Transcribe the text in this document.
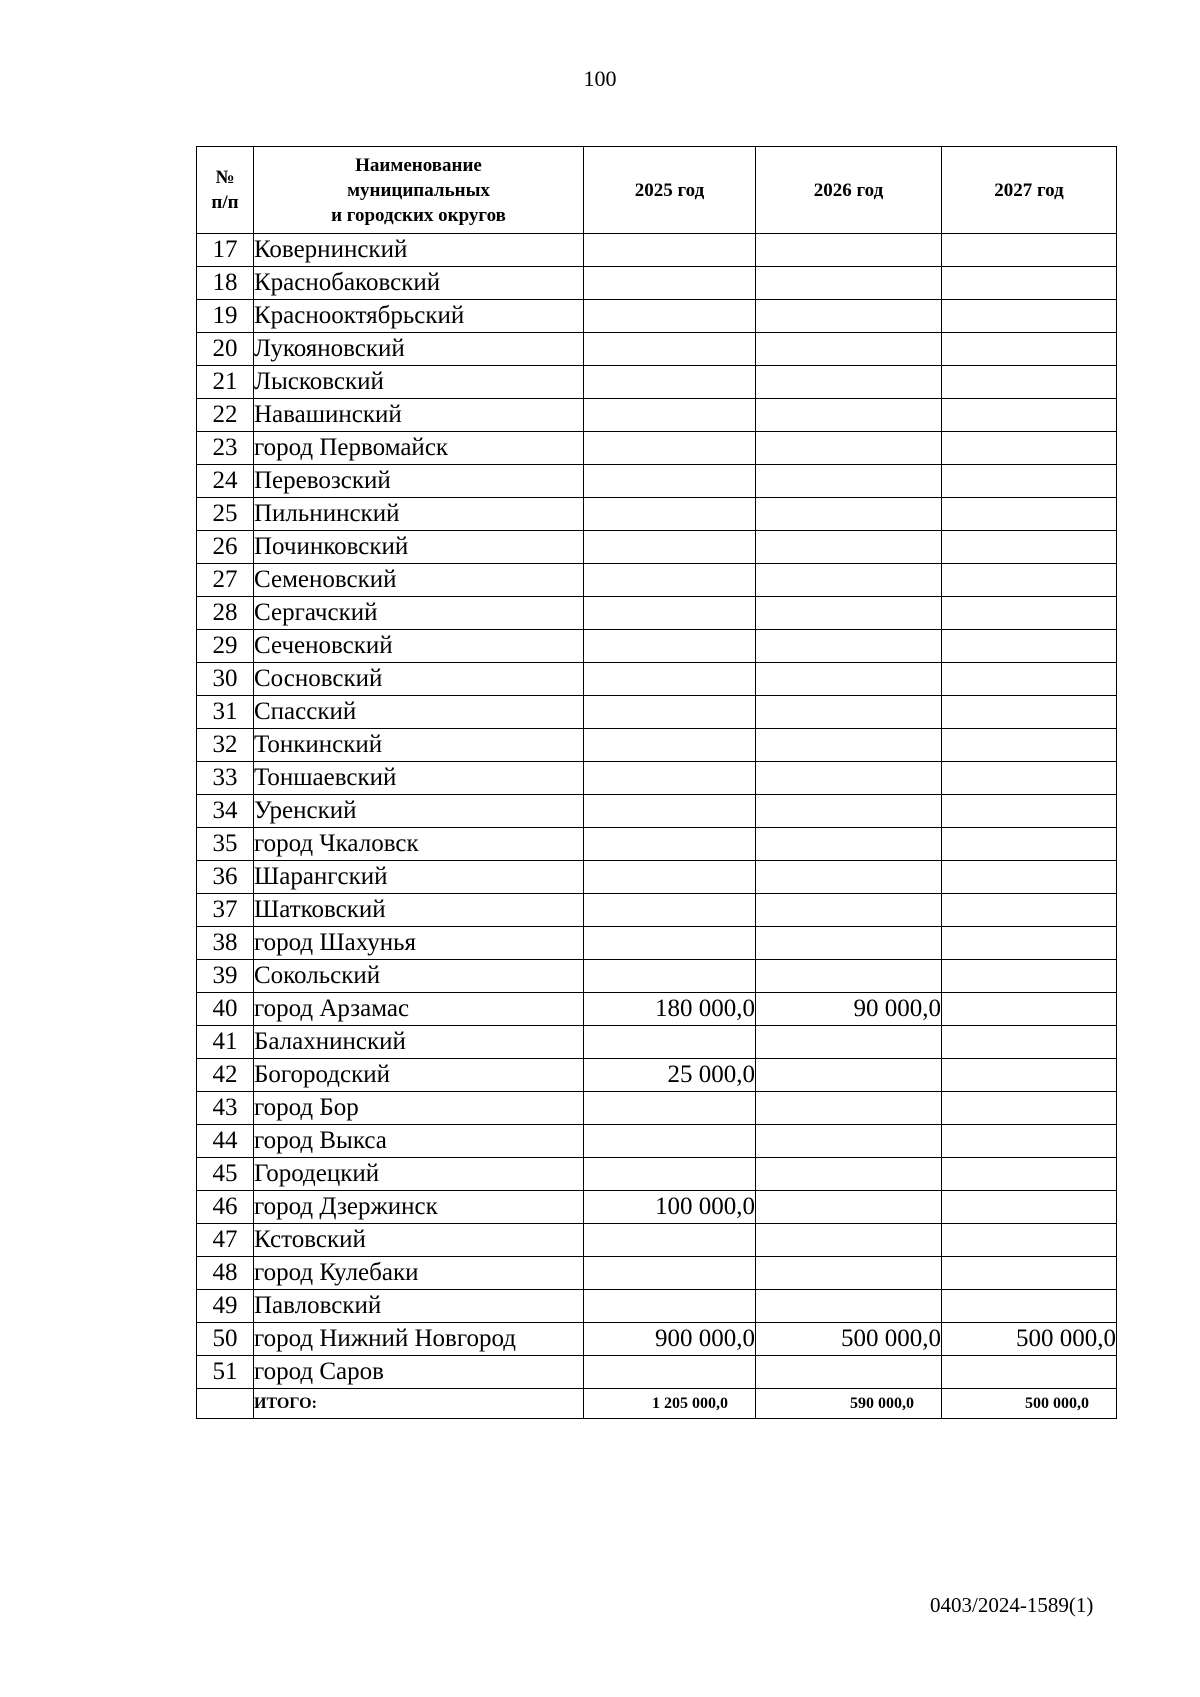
100
№
п/п	Наименование
муниципальных
и городских округов	2025 год	2026 год	2027 год
17	Ковернинский			
18	Краснобаковский			
19	Краснооктябрьский			
20	Лукояновский			
21	Лысковский			
22	Навашинский			
23	город Первомайск			
24	Перевозский			
25	Пильнинский			
26	Починковский			
27	Семеновский			
28	Сергачский			
29	Сеченовский			
30	Сосновский			
31	Спасский			
32	Тонкинский			
33	Тоншаевский			
34	Уренский			
35	город Чкаловск			
36	Шарангский			
37	Шатковский			
38	город Шахунья			
39	Сокольский			
40	город Арзамас	180 000,0	90 000,0	
41	Балахнинский			
42	Богородский	25 000,0		
43	город Бор			
44	город Выкса			
45	Городецкий			
46	город Дзержинск	100 000,0		
47	Кстовский			
48	город Кулебаки			
49	Павловский			
50	город Нижний Новгород	900 000,0	500 000,0	500 000,0
51	город Саров			
	ИТОГО:	1 205 000,0	590 000,0	500 000,0
0403/2024-1589(1)
